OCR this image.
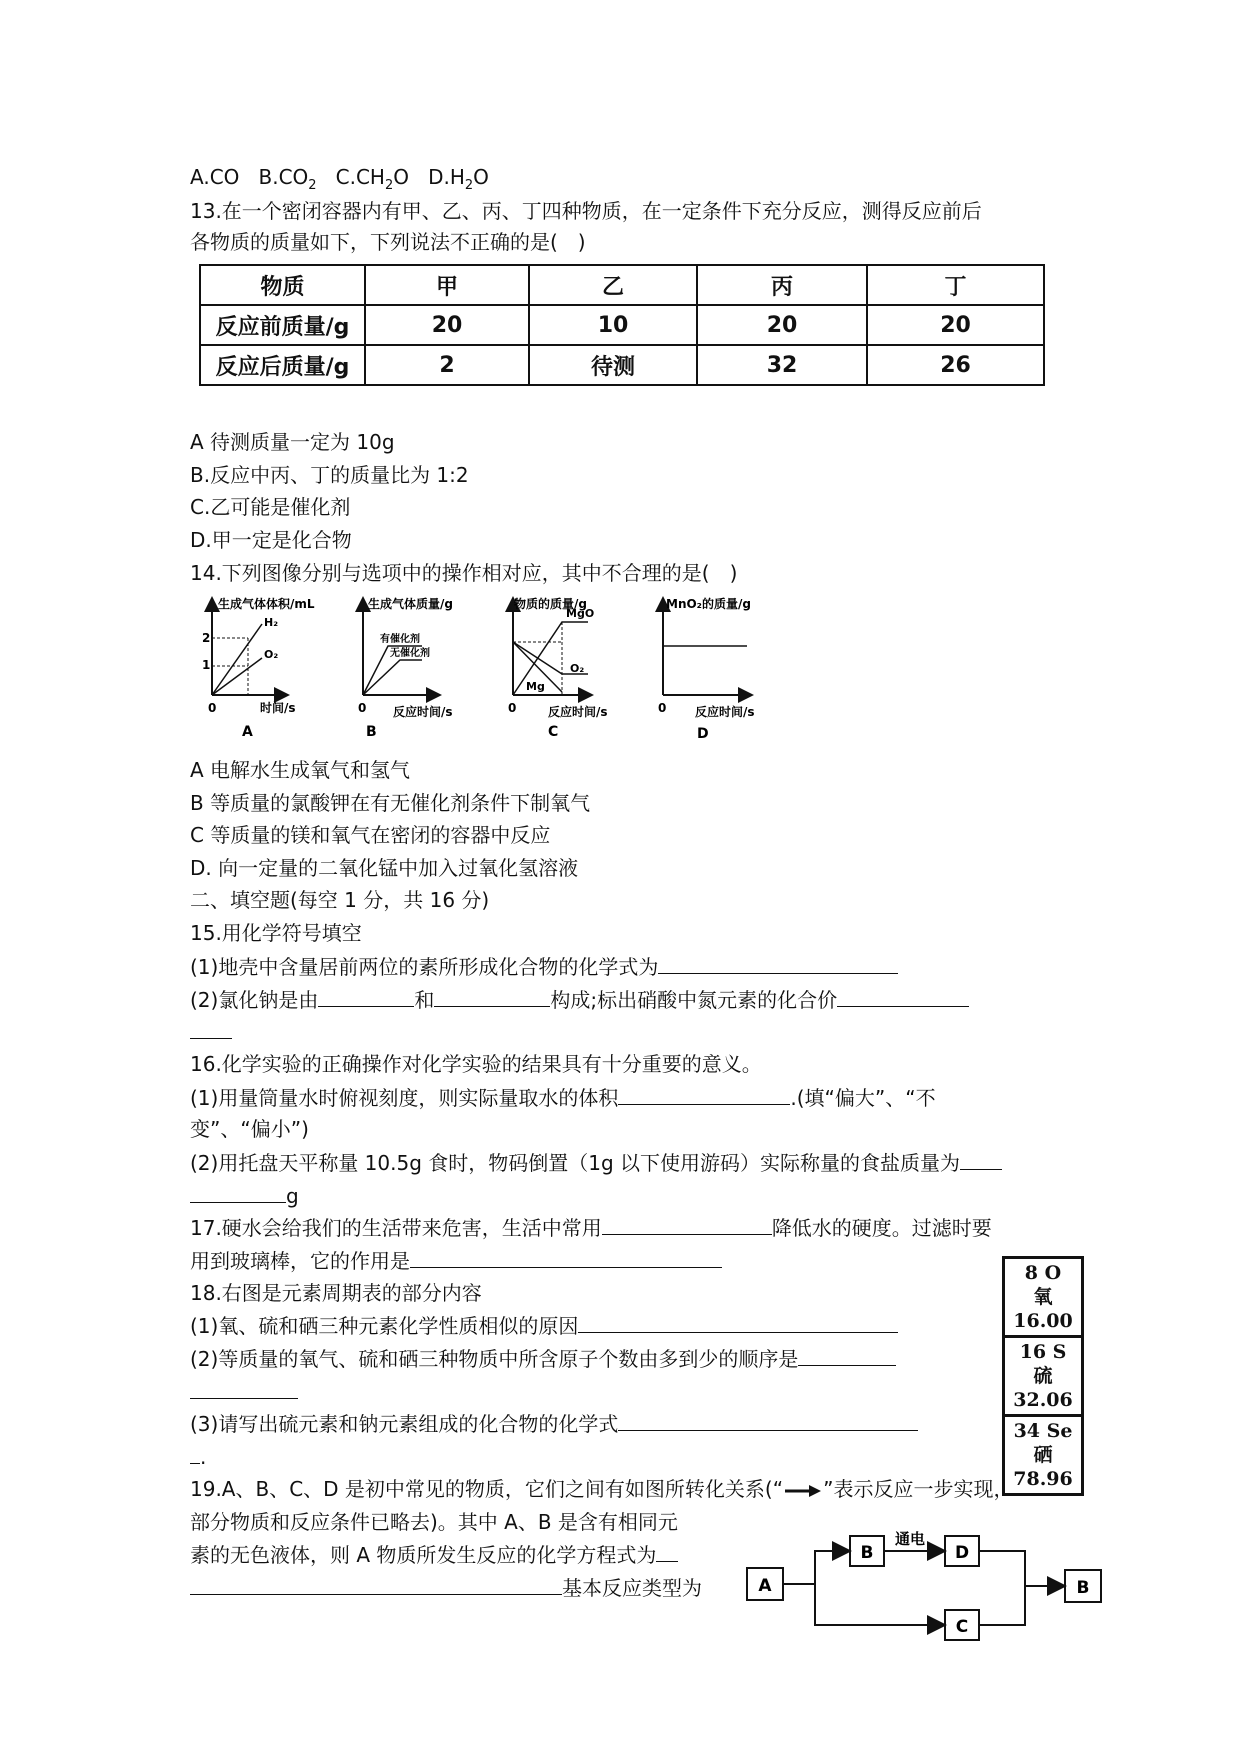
A.CO $B.CO_2$ $C.CH_2O$ $D.H_2O$
13.在一个密闭容器内有甲、乙、丙、丁四种物质，在一定条件下充分反应，测得反应前后
各物质的质量如下，下列说法不正确的是(　)
物质	甲	乙	丙	丁
反应前质量/g	20	10	20	20
反应后质量/g	2	待测	32	26
A 待测质量一定为 10g
B.反应中丙、丁的质量比为 1:2
C.乙可能是催化剂
D.甲一定是化合物
14.下列图像分别与选项中的操作相对应，其中不合理的是(　)
生成气体体积/mL
时间/s
2
1
0
H₂
O₂
A
生成气体质量/g
反应时间/s
0
有催化剂
无催化剂
B
物质的质量/g
反应时间/s
0
MgO
O₂
Mg
C
MnO₂的质量/g
反应时间/s
0
D
A 电解水生成氧气和氢气
B 等质量的氯酸钾在有无催化剂条件下制氧气
C 等质量的镁和氧气在密闭的容器中反应
D. 向一定量的二氧化锰中加入过氧化氢溶液
二、填空题(每空 1 分，共 16 分)
15.用化学符号填空
(1)地壳中含量居前两位的素所形成化合物的化学式为
(2)氯化钠是由	和	构成;标出硝酸中氮元素的化合价
16.化学实验的正确操作对化学实验的结果具有十分重要的意义。
(1)用量筒量水时俯视刻度，则实际量取水的体积	.(填“偏大”、“不
变”、“偏小”)
(2)用托盘天平称量 10.5g 食时，物码倒置（1g 以下使用游码）实际称量的食盐质量为
g
17.硬水会给我们的生活带来危害，生活中常用	降低水的硬度。过滤时要
用到玻璃棒，它的作用是
18.右图是元素周期表的部分内容
(1)氧、硫和硒三种元素化学性质相似的原因
(2)等质量的氧气、硫和硒三种物质中所含原子个数由多到少的顺序是
(3)请写出硫元素和钠元素组成的化合物的化学式
.
8 O
氧
16.00
16 S
硫
32.06
34 Se
硒
78.96
19.A、B、C、D 是初中常见的物质，它们之间有如图所转化关系(“ ”表示反应一步实现，
部分物质和反应条件已略去)。其中 A、B 是含有相同元
素的无色液体，则 A 物质所发生反应的化学方程式为
基本反应类型为	A
B	D
C
B
通电
